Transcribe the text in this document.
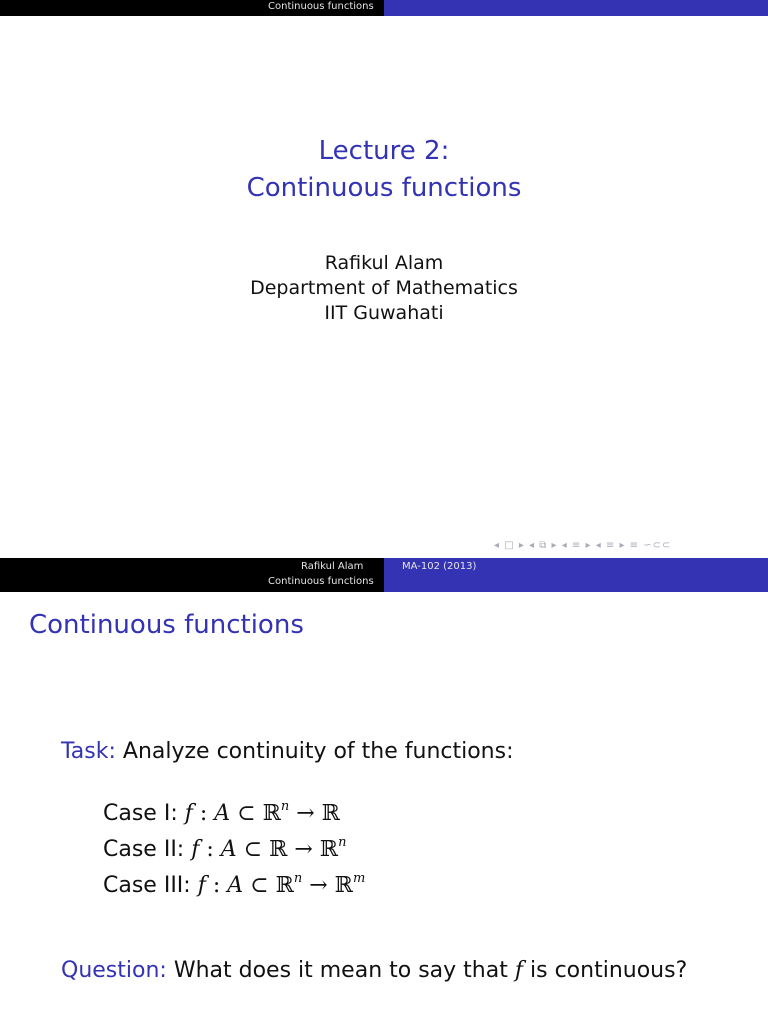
Continuous functions
Lecture 2:
Continuous functions
Rafikul Alam
Department of Mathematics
IIT Guwahati
◂ □ ▸ ◂ ⧉ ▸ ◂ ≡ ▸ ◂ ≡ ▸ ≡ ∽⊂⊂
Rafikul Alam
Continuous functions
MA-102 (2013)
Continuous functions
Task: Analyze continuity of the functions:
Case I: f : A ⊂ ℝ$^n$ → ℝ
Case II: f : A ⊂ ℝ → ℝ$^n$
Case III: f : A ⊂ ℝ$^n$ → ℝ$^m$
Question: What does it mean to say that f is continuous?
